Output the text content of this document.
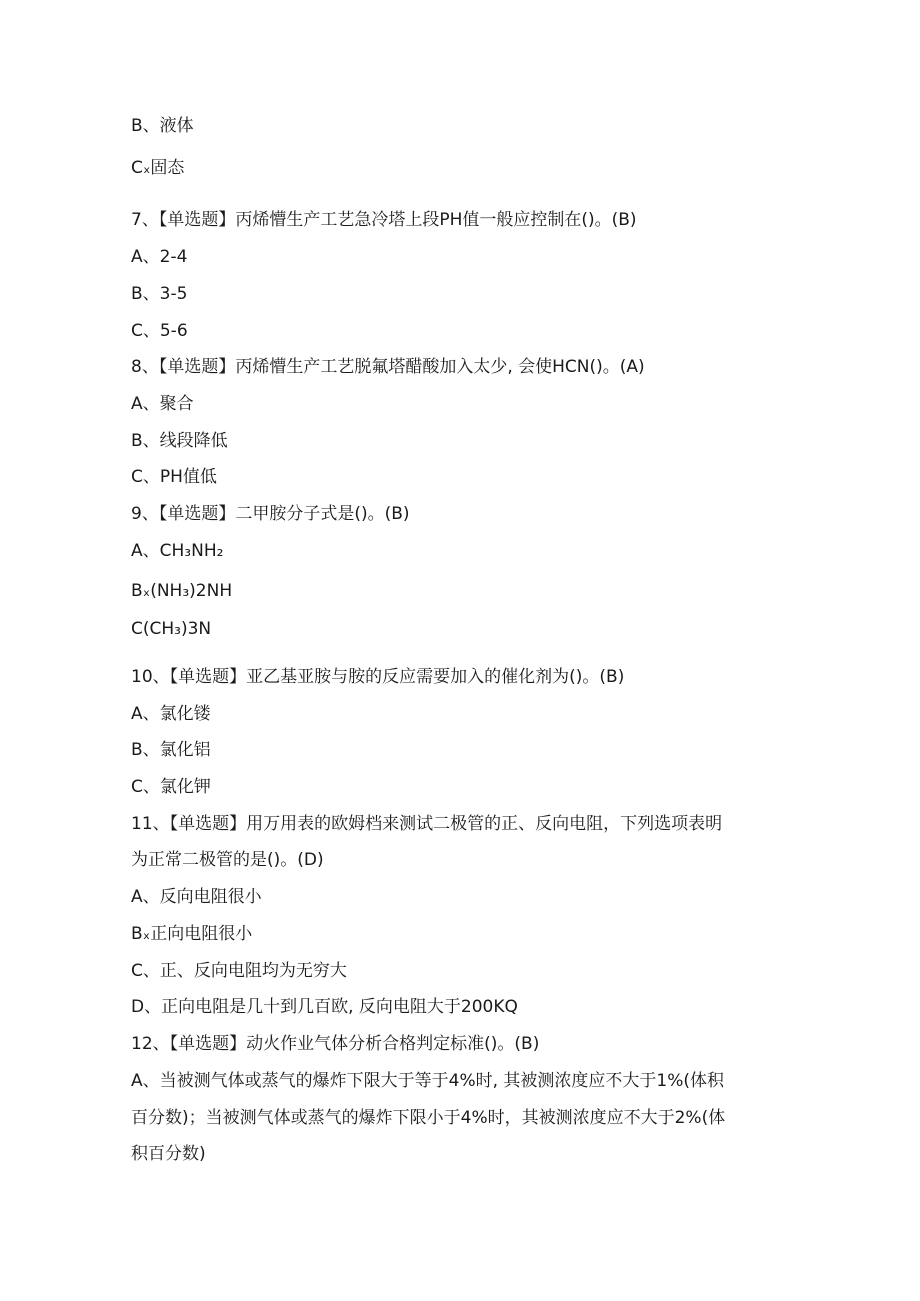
B、液体
Cₓ固态
7、【单选题】丙烯懵生产工艺急冷塔上段PH值一般应控制在()。(B)
A、2-4
B、3-5
C、5-6
8、【单选题】丙烯懵生产工艺脱氟塔醋酸加入太少, 会使HCN()。(A)
A、聚合
B、线段降低
C、PH值低
9、【单选题】二甲胺分子式是()。(B)
A、CH₃NH₂
Bₓ(NH₃)2NH
C(CH₃)3N
10、【单选题】亚乙基亚胺与胺的反应需要加入的催化剂为()。(B)
A、氯化镂
B、氯化铝
C、氯化钾
11、【单选题】用万用表的欧姆档来测试二极管的正、反向电阻，下列选项表明
为正常二极管的是()。(D)
A、反向电阻很小
Bₓ正向电阻很小
C、正、反向电阻均为无穷大
D、正向电阻是几十到几百欧, 反向电阻大于200KQ
12、【单选题】动火作业气体分析合格判定标准()。(B)
A、当被测气体或蒸气的爆炸下限大于等于4%时, 其被测浓度应不大于1%(体积
百分数)；当被测气体或蒸气的爆炸下限小于4%时，其被测浓度应不大于2%(体
积百分数)
